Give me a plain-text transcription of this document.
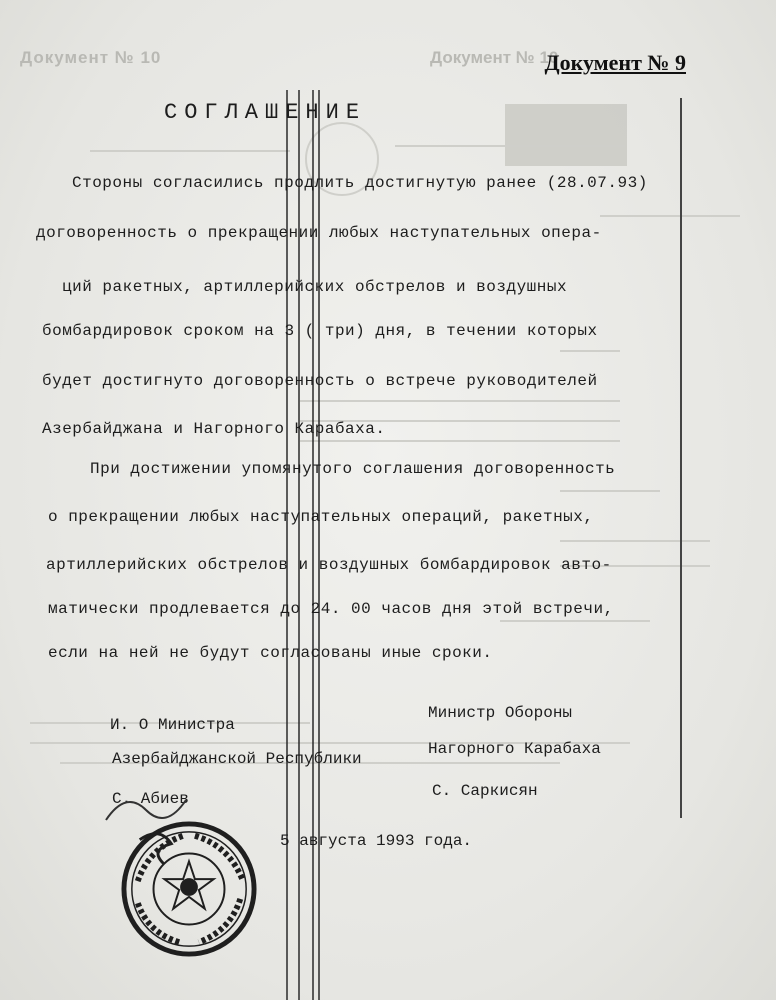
Документ № 10	Документ № 10
Документ № 9
СОГЛАШЕНИЕ
Стороны согласились продлить достигнутую ранее (28.07.93)
договоренность о прекращении любых наступательных опера-
ций ракетных, артиллерийских обстрелов и воздушных
бомбардировок сроком на 3 ( три) дня, в течении которых
будет достигнуто договоренность о встрече руководителей
Азербайджана и Нагорного Карабаха.
При достижении упомянутого соглашения договоренность
о прекращении любых наступательных операций, ракетных,
артиллерийских обстрелов и воздушных бомбардировок авто-
матически продлевается до 24. 00 часов дня этой встречи,
если на ней не будут согласованы иные сроки.
И. О Министра
Азербайджанской Республики
С. Абиев
Министр Обороны
Нагорного Карабаха
С. Саркисян
5 августа 1993 года.
